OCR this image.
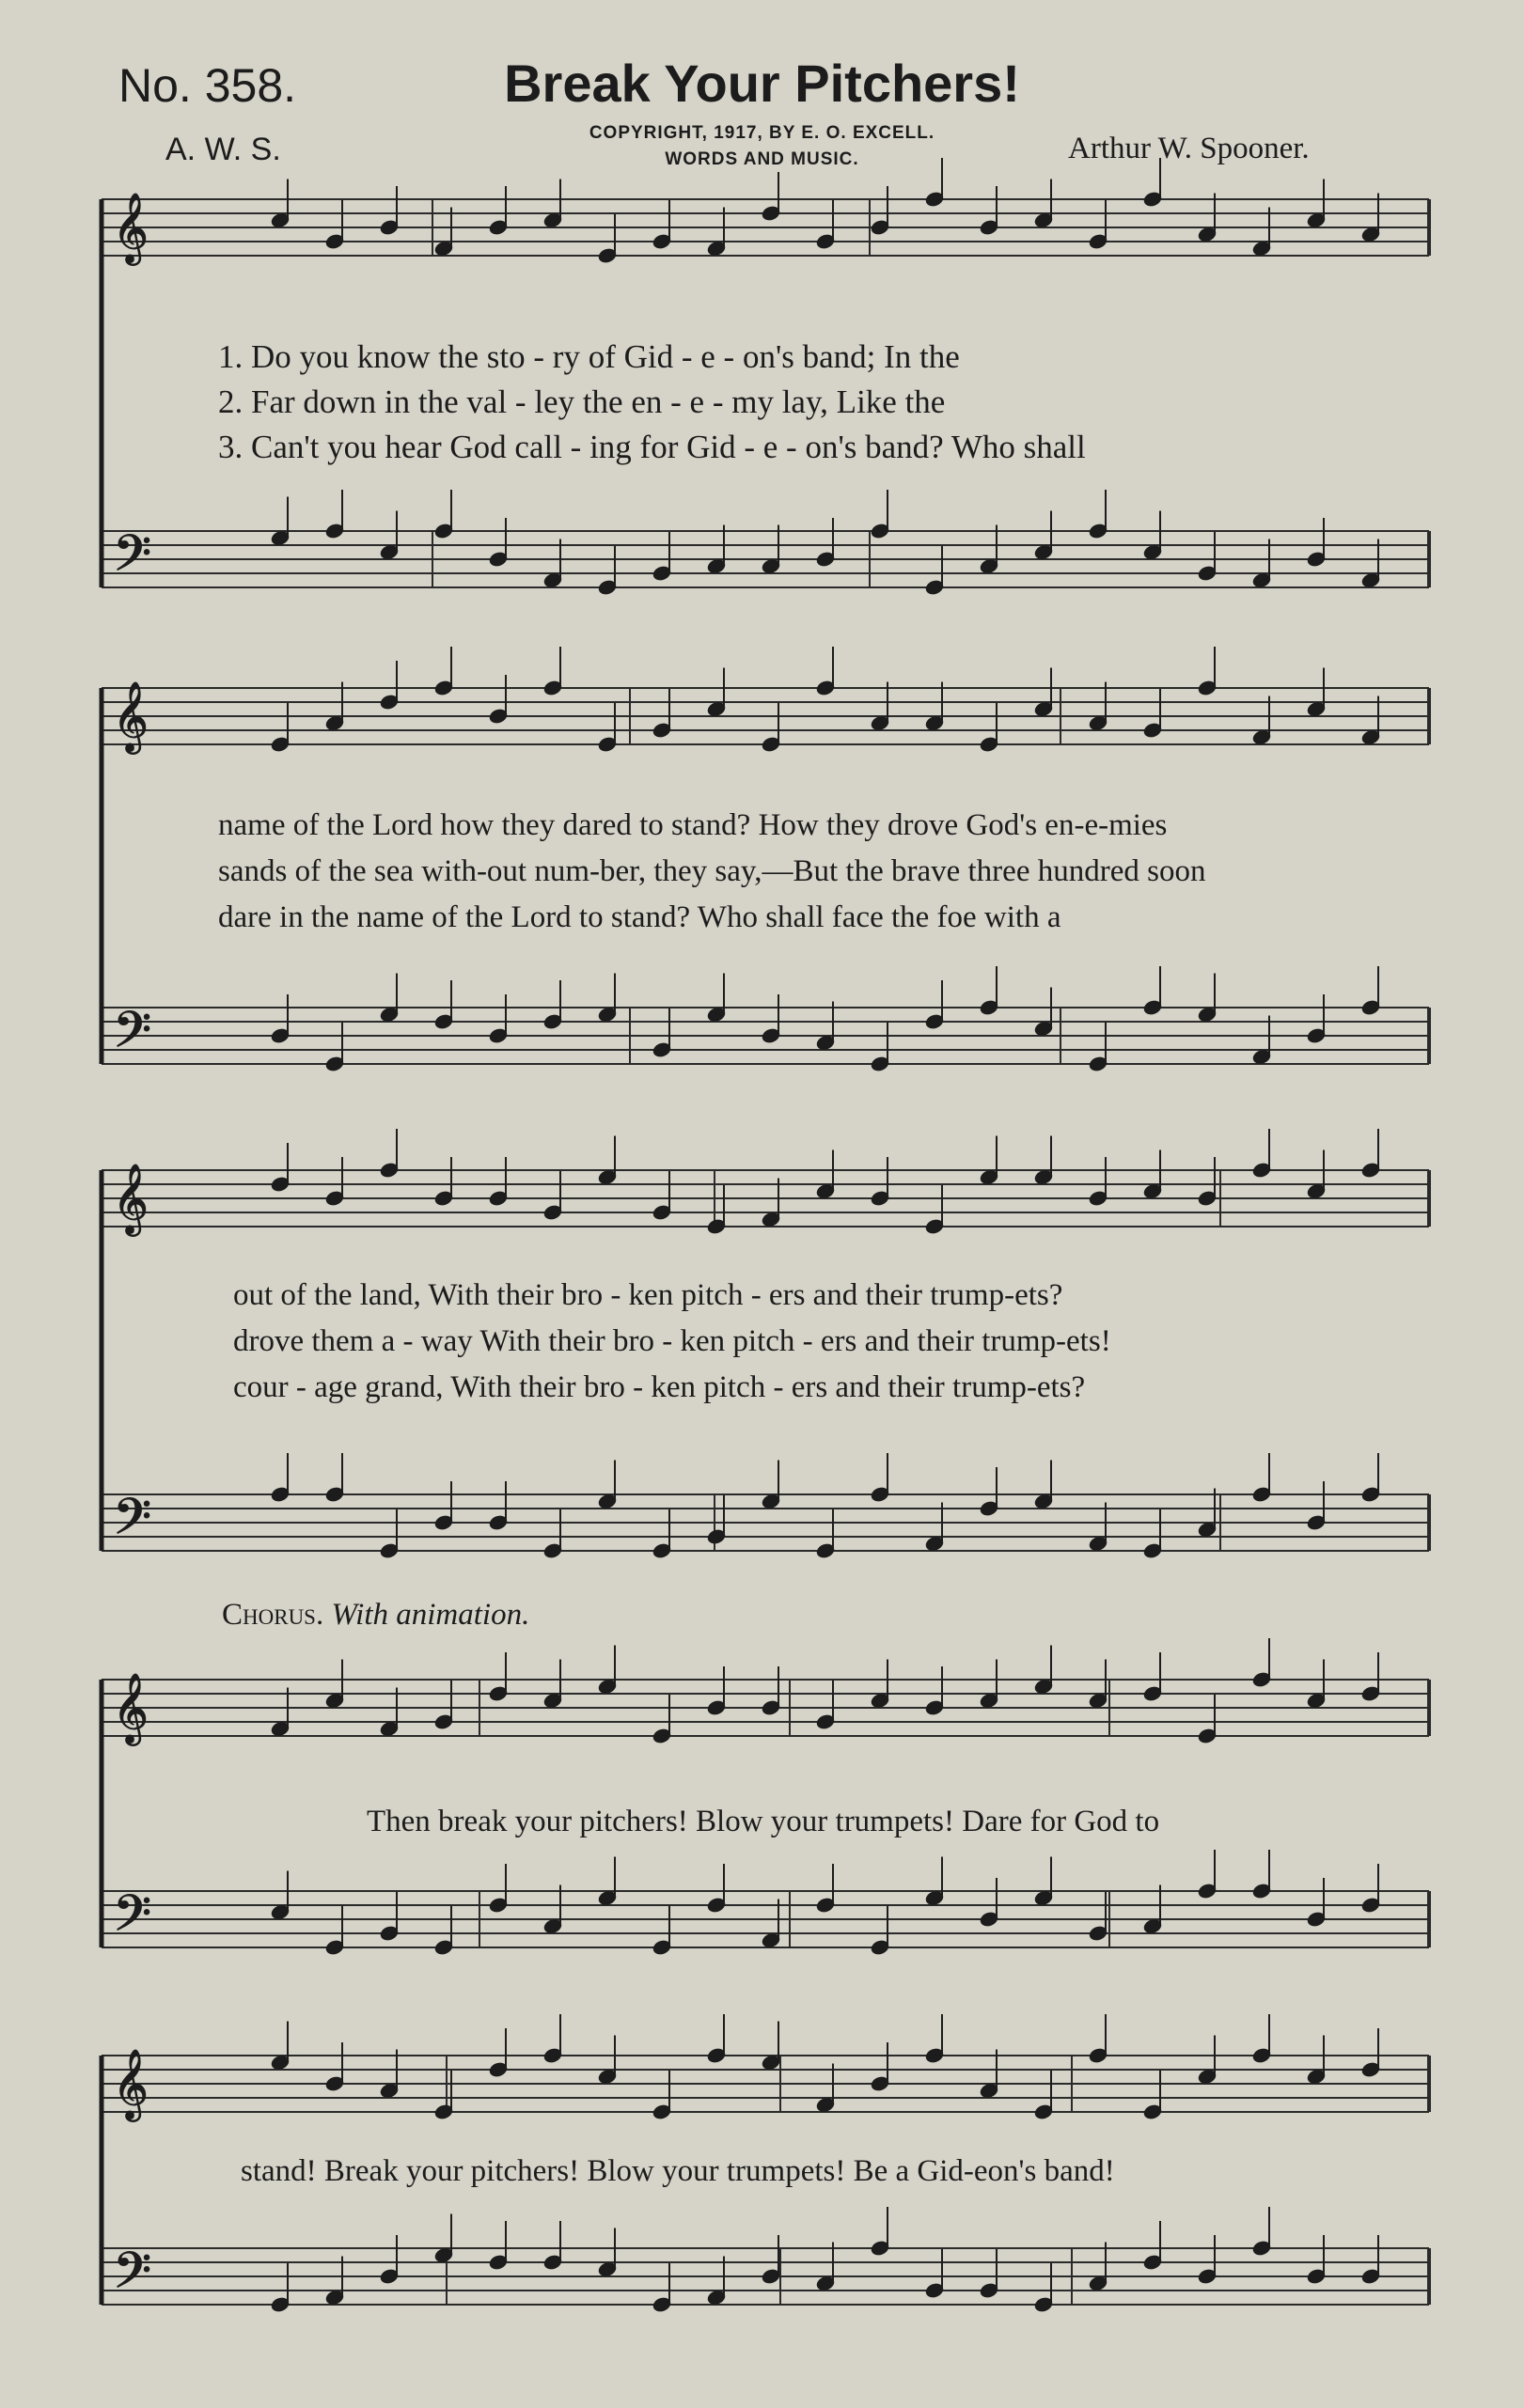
No. 358.	Break Your Pitchers!
A. W. S.	COPYRIGHT, 1917, BY E. O. EXCELL.
WORDS AND MUSIC.	Arthur W. Spooner.
𝄞
𝄢
𝄞
𝄢
𝄞
𝄢
𝄞
𝄢
𝄞
𝄢
1. Do you know the sto - ry of Gid - e - on's band; In the
2. Far down in the val - ley the en - e - my lay, Like the
3. Can't you hear God call - ing for Gid - e - on's band? Who shall
name of the Lord how they dared to stand? How they drove God's en-e-mies
sands of the sea with-out num-ber, they say,—But the brave three hundred soon
dare in the name of the Lord to stand? Who shall face the foe with a
out of the land, With their bro - ken pitch - ers and their trump-ets?
drove them a - way With their bro - ken pitch - ers and their trump-ets!
cour - age grand, With their bro - ken pitch - ers and their trump-ets?
Chorus. With animation.
Then break your pitchers! Blow your trumpets! Dare for God to
stand! Break your pitchers! Blow your trumpets! Be a Gid-eon's band!
